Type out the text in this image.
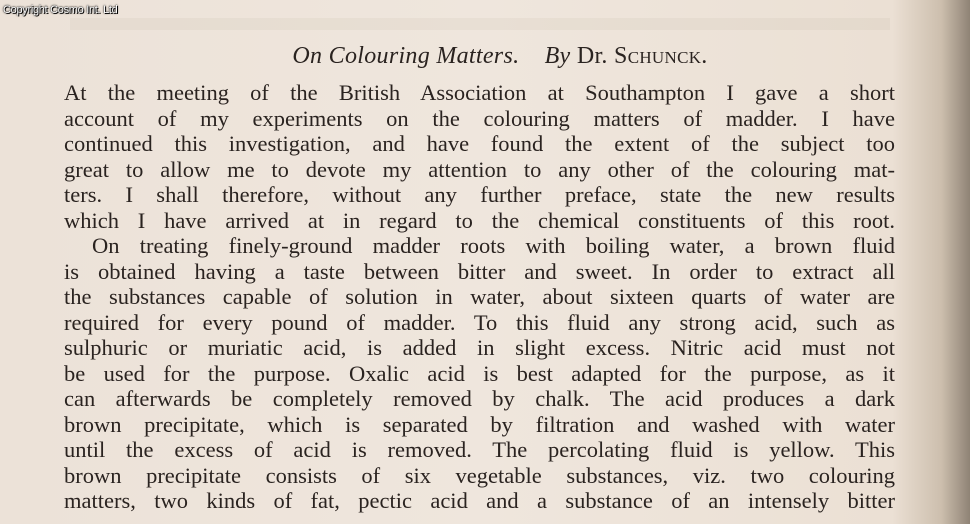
On Colouring Matters. By Dr. Schunck.
At the meeting of the British Association at Southampton I gave a short
account of my experiments on the colouring matters of madder. I have
continued this investigation, and have found the extent of the subject too
great to allow me to devote my attention to any other of the colouring mat-
ters. I shall therefore, without any further preface, state the new results
which I have arrived at in regard to the chemical constituents of this root.
On treating finely-ground madder roots with boiling water, a brown fluid
is obtained having a taste between bitter and sweet. In order to extract all
the substances capable of solution in water, about sixteen quarts of water are
required for every pound of madder. To this fluid any strong acid, such as
sulphuric or muriatic acid, is added in slight excess. Nitric acid must not
be used for the purpose. Oxalic acid is best adapted for the purpose, as it
can afterwards be completely removed by chalk. The acid produces a dark
brown precipitate, which is separated by filtration and washed with water
until the excess of acid is removed. The percolating fluid is yellow. This
brown precipitate consists of six vegetable substances, viz. two colouring
matters, two kinds of fat, pectic acid and a substance of an intensely bitter
Copyright Cosmo Int. Ltd
